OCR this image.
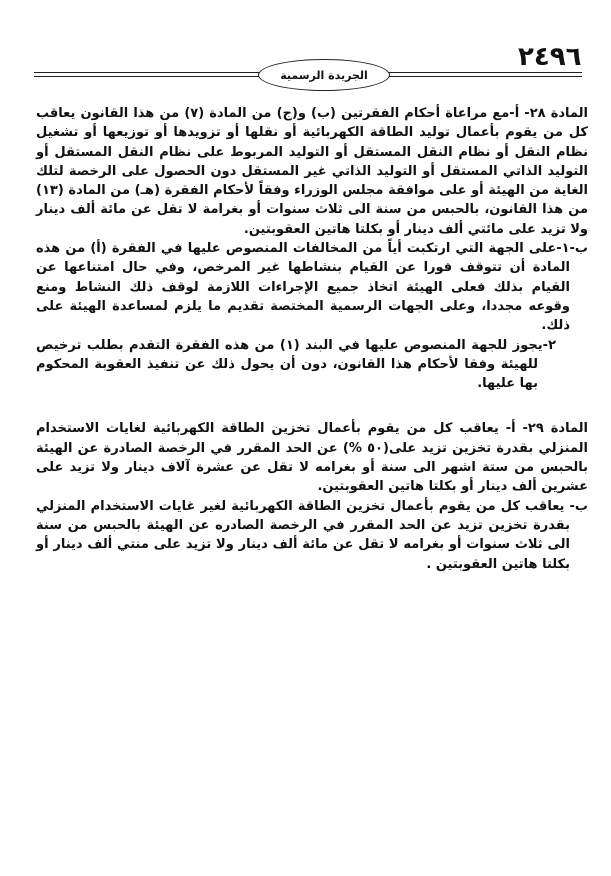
٢٤٩٦
الجريدة الرسمية

المادة ٢٨- أ-مع مراعاة أحكام الفقرتين (ب) و(ج) من المادة (٧) من هذا القانون يعاقب كل من يقوم بأعمال توليد الطاقة الكهربائية أو نقلها أو تزويدها أو توزيعها أو تشغيل نظام النقل أو نظام النقل المستقل أو التوليد المربوط على نظام النقل المستقل أو التوليد الذاتي المستقل أو التوليد الذاتي غير المستقل دون الحصول على الرخصة لتلك الغاية من الهيئة أو على موافقة مجلس الوزراء وفقاً لأحكام الفقرة (هـ) من المادة (١٣) من هذا القانون، بالحبس من سنة الى ثلاث سنوات أو بغرامة لا تقل عن مائة ألف دينار ولا تزيد على مائتي ألف دينار أو بكلتا هاتين العقوبتين.

ب-١-على الجهة التي ارتكبت أياً من المخالفات المنصوص عليها في الفقرة (أ) من هذه المادة أن تتوقف فورا عن القيام بنشاطها غير المرخص، وفي حال امتناعها عن القيام بذلك فعلى الهيئة اتخاذ جميع الإجراءات اللازمة لوقف ذلك النشاط ومنع وقوعه مجددا، وعلى الجهات الرسمية المختصة تقديم ما يلزم لمساعدة الهيئة على ذلك.

٢-يجوز للجهة المنصوص عليها في البند (١) من هذه الفقرة التقدم بطلب ترخيص للهيئة وفقا لأحكام هذا القانون، دون أن يحول ذلك عن تنفيذ العقوبة المحكوم بها عليها.

المادة ٢٩- أ- يعاقب كل من يقوم بأعمال تخزين الطاقة الكهربائية لغايات الاستخدام المنزلي بقدرة تخزين تزيد على(٥٠ %) عن الحد المقرر في الرخصة الصادرة عن الهيئة بالحبس من ستة اشهر الى سنة أو بغرامه لا تقل عن عشرة آلاف دينار ولا تزيد على عشرين ألف دينار أو بكلتا هاتين العقوبتين.

ب- يعاقب كل من يقوم بأعمال تخزين الطاقة الكهربائية لغير غايات الاستخدام المنزلي بقدرة تخزين تزيد عن الحد المقرر في الرخصة الصادره عن الهيئة بالحبس من سنة الى ثلاث سنوات أو بغرامه لا تقل عن مائة ألف دينار ولا تزيد على منتي ألف دينار أو بكلتا هاتين العقوبتين .
